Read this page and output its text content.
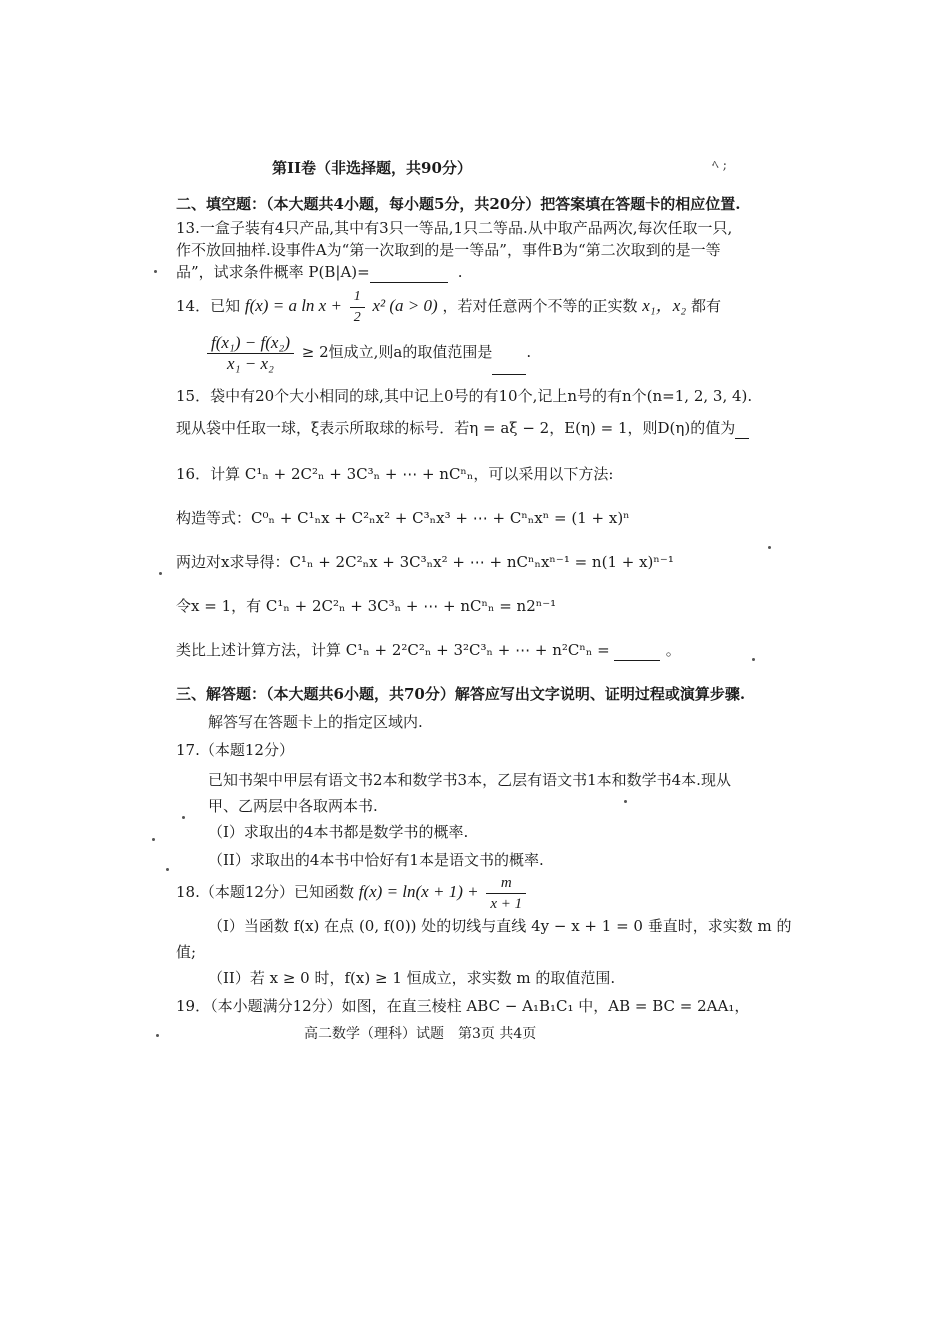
第II卷（非选择题，共90分）	ﾍ ;
二、填空题：（本大题共4小题，每小题5分，共20分）把答案填在答题卡的相应位置.
13.一盒子装有4只产品,其中有3只一等品,1只二等品.从中取产品两次,每次任取一只,
作不放回抽样.设事件A为“第一次取到的是一等品”，事件B为“第二次取到的是一等
品”，试求条件概率 P(B|A)=	.
14．已知 f(x) = a $\ln x + \frac{1}{2} x^2$ (a > 0) ，若对任意两个不等的正实数 x₁，x₂ 都有
$\frac{\text{f(x₁) − f(x₂)}}{\text{x₁ − x₂}} \ge 2$恒成立,则a的取值范围是 .
15．袋中有20个大小相同的球,其中记上0号的有10个,记上n号的有n个(n=1, 2, 3, 4).
现从袋中任取一球，ξ表示所取球的标号．若η = aξ − 2，E(η) = 1，则D(η)的值为
16．计算 C¹ₙ + 2C²ₙ + 3C³ₙ + ⋯ + nCⁿₙ，可以采用以下方法:
构造等式：C⁰ₙ + C¹ₙx + C²ₙx² + C³ₙx³ + ⋯ + Cⁿₙxⁿ = (1 + x)ⁿ
两边对x求导得：C¹ₙ + 2C²ₙx + 3C³ₙx² + ⋯ + nCⁿₙxⁿ⁻¹ = n(1 + x)ⁿ⁻¹
令x = 1，有 C¹ₙ + 2C²ₙ + 3C³ₙ + ⋯ + nCⁿₙ = n2ⁿ⁻¹
类比上述计算方法，计算 C¹ₙ + 2²C²ₙ + 3²C³ₙ + ⋯ + n²Cⁿₙ =	。
三、解答题：（本大题共6小题，共70分）解答应写出文字说明、证明过程或演算步骤.
解答写在答题卡上的指定区域内.
17.（本题12分）
已知书架中甲层有语文书2本和数学书3本，乙层有语文书1本和数学书4本.现从
甲、乙两层中各取两本书.
（I）求取出的4本书都是数学书的概率.
（II）求取出的4本书中恰好有1本是语文书的概率.
18.（本题12分）已知函数 $f(x) = \ln(x + 1) + \frac{m}{x + 1}$
（I）当函数 f(x) 在点 (0, f(0)) 处的切线与直线 4y − x + 1 = 0 垂直时，求实数 m 的
值;
（II）若 x ≥ 0 时，f(x) ≥ 1 恒成立，求实数 m 的取值范围.
19．（本小题满分12分）如图，在直三棱柱 ABC − A₁B₁C₁ 中，AB = BC = 2AA₁，
高二数学（理科）试题　第3页 共4页
